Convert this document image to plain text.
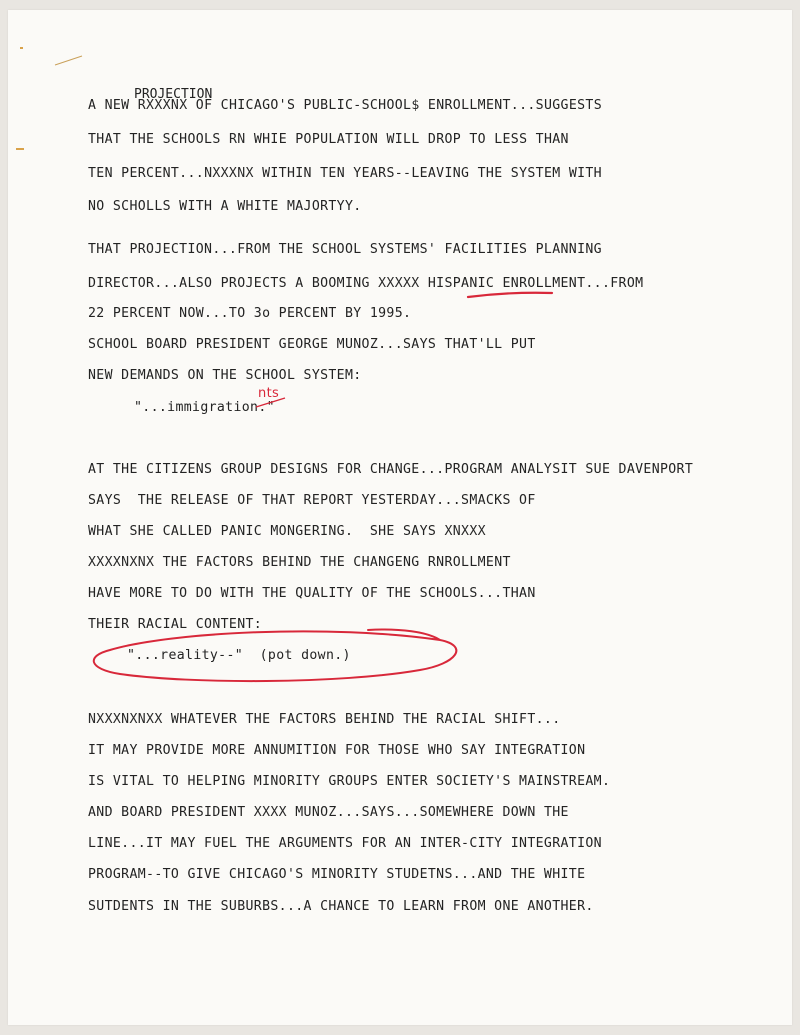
PROJECTION
A NEW RXXXNX OF CHICAGO'S PUBLIC-SCHOOL$ ENROLLMENT...SUGGESTS
THAT THE SCHOOLS RN WHIE POPULATION WILL DROP TO LESS THAN
TEN PERCENT...NXXXNX WITHIN TEN YEARS--LEAVING THE SYSTEM WITH
NO SCHOLLS WITH A WHITE MAJORTYY.
THAT PROJECTION...FROM THE SCHOOL SYSTEMS' FACILITIES PLANNING
DIRECTOR...ALSO PROJECTS A BOOMING XXXXX HISPANIC ENROLLMENT...FROM
22 PERCENT NOW...TO 3o PERCENT BY 1995.
SCHOOL BOARD PRESIDENT GEORGE MUNOZ...SAYS THAT'LL PUT
NEW DEMANDS ON THE SCHOOL SYSTEM:
"...immigration."
nts
AT THE CITIZENS GROUP DESIGNS FOR CHANGE...PROGRAM ANALYSIT SUE DAVENPORT
SAYS  THE RELEASE OF THAT REPORT YESTERDAY...SMACKS OF
WHAT SHE CALLED PANIC MONGERING.  SHE SAYS XNXXX
XXXXNXNX THE FACTORS BEHIND THE CHANGENG RNROLLMENT
HAVE MORE TO DO WITH THE QUALITY OF THE SCHOOLS...THAN
THEIR RACIAL CONTENT:
"...reality--"  (pot down.)
NXXXNXNXX WHATEVER THE FACTORS BEHIND THE RACIAL SHIFT...
IT MAY PROVIDE MORE ANNUMITION FOR THOSE WHO SAY INTEGRATION
IS VITAL TO HELPING MINORITY GROUPS ENTER SOCIETY'S MAINSTREAM.
AND BOARD PRESIDENT XXXX MUNOZ...SAYS...SOMEWHERE DOWN THE
LINE...IT MAY FUEL THE ARGUMENTS FOR AN INTER-CITY INTEGRATION
PROGRAM--TO GIVE CHICAGO'S MINORITY STUDETNS...AND THE WHITE
SUTDENTS IN THE SUBURBS...A CHANCE TO LEARN FROM ONE ANOTHER.
